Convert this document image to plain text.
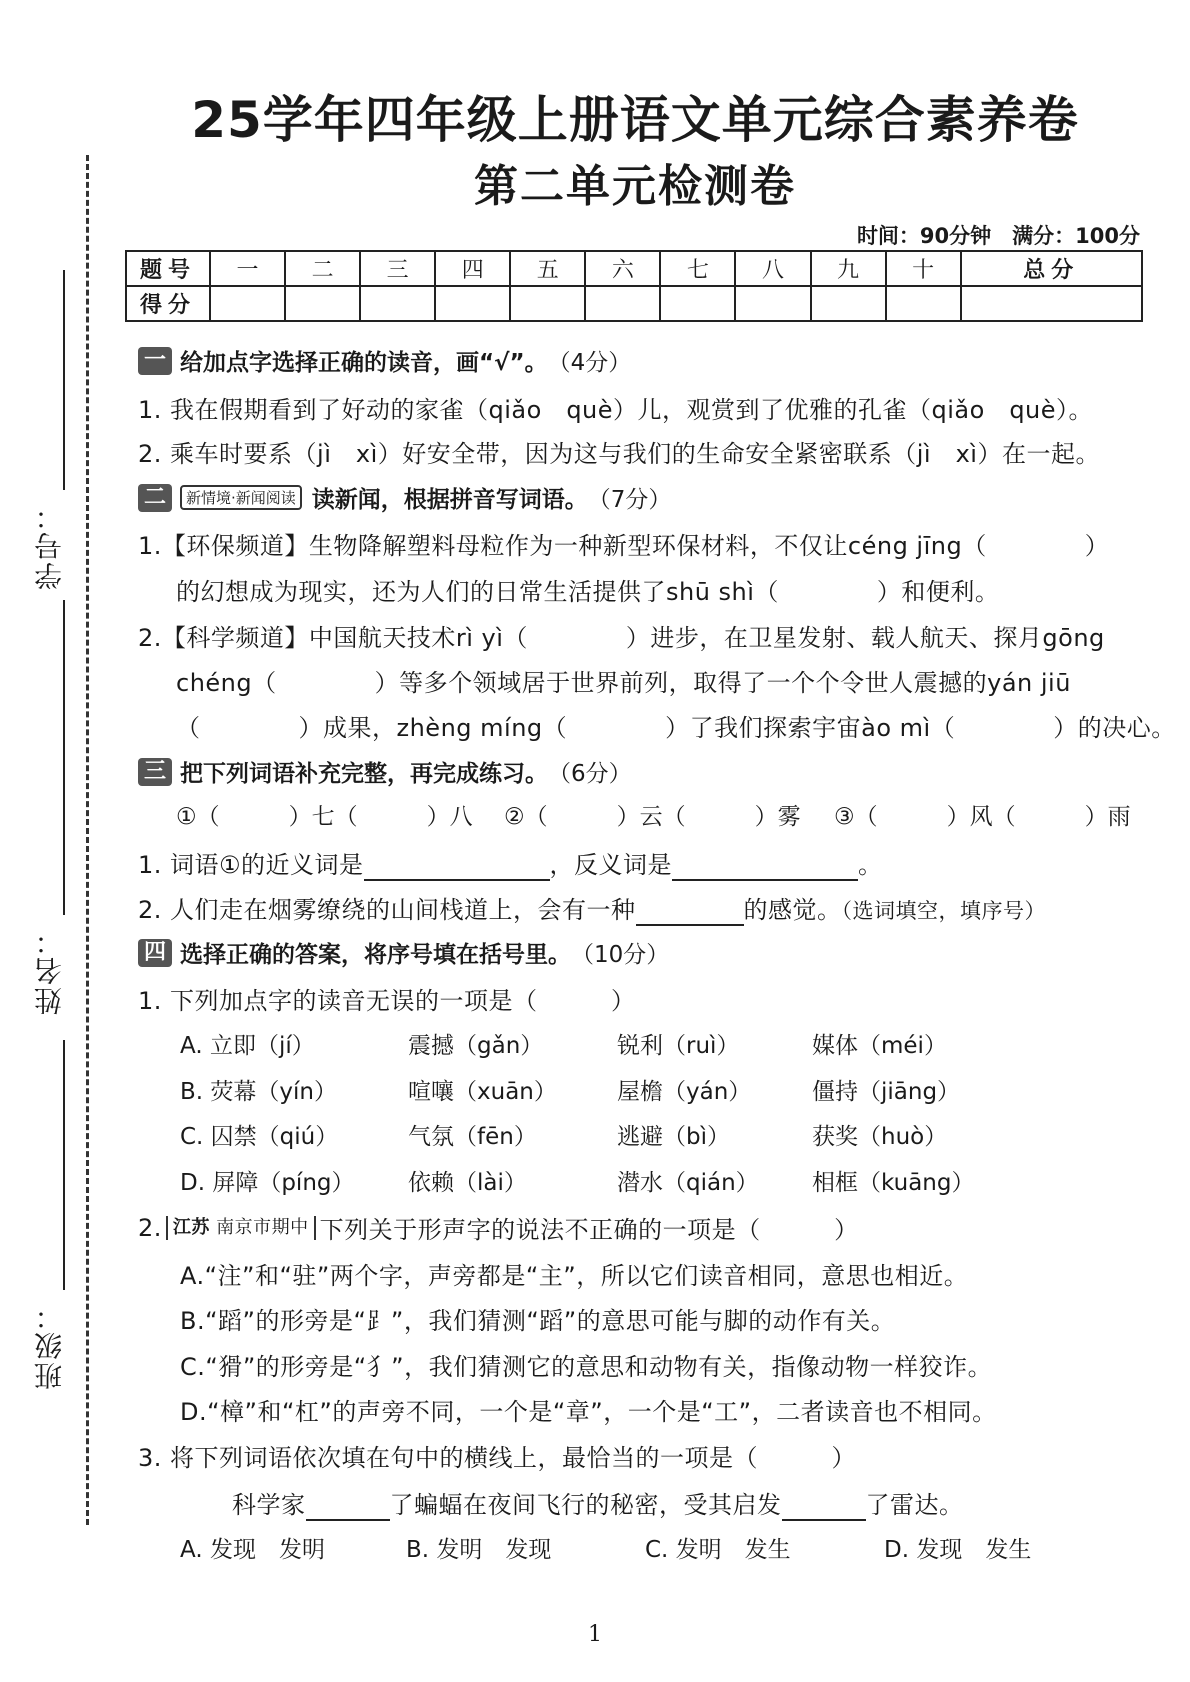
25学年四年级上册语文单元综合素养卷
第二单元检测卷
时间：90分钟　满分：100分
学号：
姓名：
班级：
题号	一	二	三	四	五	六	七	八	九	十	总分
得分											
一 给加点字选择正确的读音，画“√”。 （4分）
1. 我在假期看到了好动的家雀（qiǎo　què）儿，观赏到了优雅的孔雀（qiǎo　què）。
2. 乘车时要系（jì　xì）好安全带，因为这与我们的生命安全紧密联系（jì　xì）在一起。
二	新情境·新闻阅读 读新闻，根据拼音写词语。 （7分）
1.【环保频道】生物降解塑料母粒作为一种新型环保材料，不仅让céng jīng（　　　　）
的幻想成为现实，还为人们的日常生活提供了shū shì（　　　　）和便利。
2.【科学频道】中国航天技术rì yì（　　　　）进步，在卫星发射、载人航天、探月gōng
chéng（　　　　）等多个领域居于世界前列，取得了一个个令世人震撼的yán jiū
（　　　　）成果，zhèng míng（　　　　）了我们探索宇宙ào mì（　　　　）的决心。
三 把下列词语补充完整，再完成练习。 （6分）
①（　　　）七（　　　）八 ②（　　　）云（　　　）雾 ③（　　　）风（　　　）雨
1. 词语①的近义词是	，反义词是	。
2. 人们走在烟雾缭绕的山间栈道上，会有一种	的感觉。（选词填空，填序号）
四 选择正确的答案，将序号填在括号里。 （10分）
1. 下列加点字的读音无误的一项是（　　　）
A. 立即（jí）	震撼（gǎn）	锐利（ruì）	媒体（méi）
B. 荧幕（yín）	喧嚷（xuān）	屋檐（yán）	僵持（jiāng）
C. 囚禁（qiú）	气氛（fēn）	逃避（bì）	获奖（huò）
D. 屏障（píng） 依赖（lài）	潜水（qián） 相框（kuāng）
2. 江苏 南京市期中 下列关于形声字的说法不正确的一项是（　　　）
A.“注”和“驻”两个字，声旁都是“主”，所以它们读音相同，意思也相近。
B.“蹈”的形旁是“⻊”，我们猜测“蹈”的意思可能与脚的动作有关。
C.“猾”的形旁是“犭”，我们猜测它的意思和动物有关，指像动物一样狡诈。
D.“樟”和“杠”的声旁不同，一个是“章”，一个是“工”，二者读音也不相同。
3. 将下列词语依次填在句中的横线上，最恰当的一项是（　　　）
科学家	了蝙蝠在夜间飞行的秘密，受其启发	了雷达。
A. 发现　发明	B. 发明　发现	C. 发明　发生	D. 发现　发生
1
